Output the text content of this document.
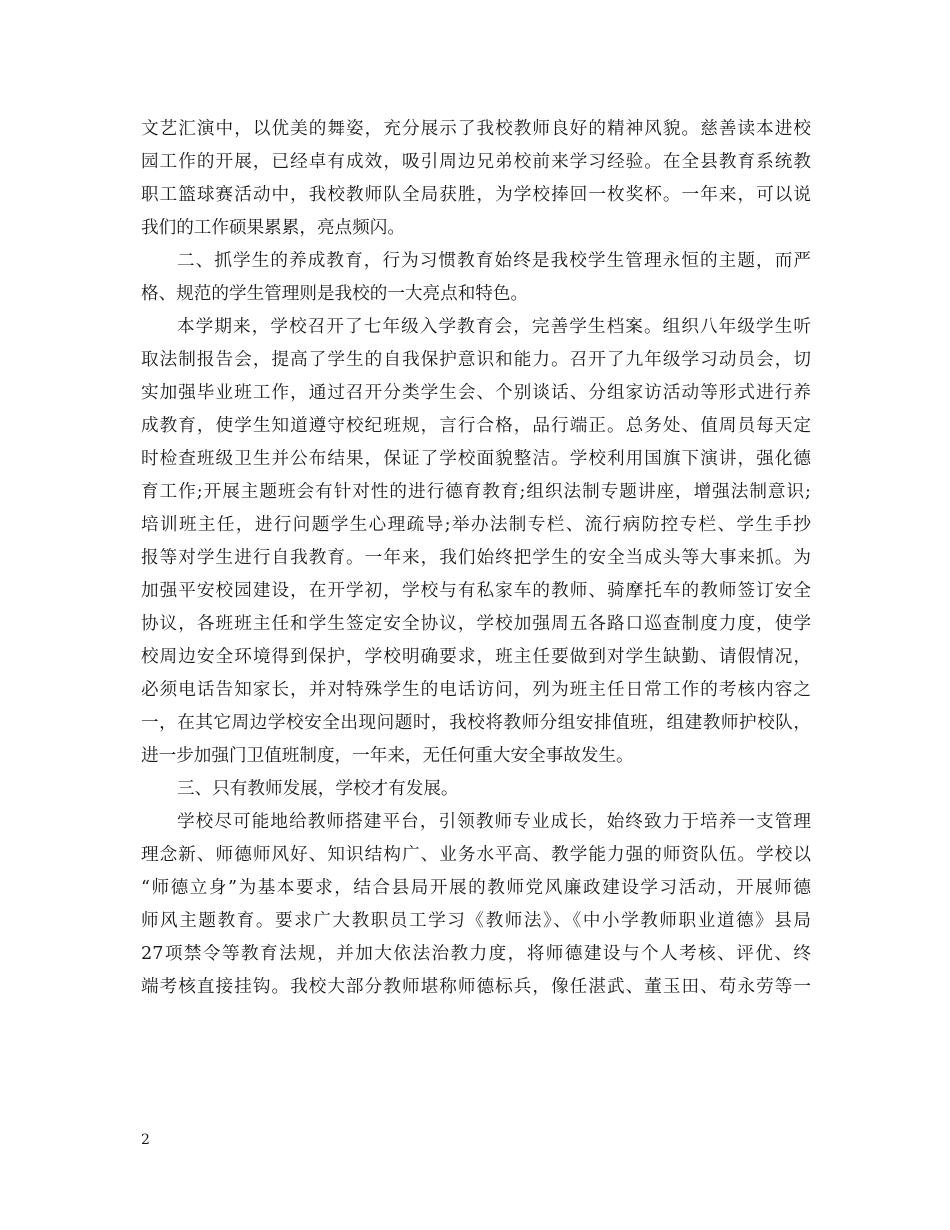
文艺汇演中，以优美的舞姿，充分展示了我校教师良好的精神风貌。慈善读本进校
园工作的开展，已经卓有成效，吸引周边兄弟校前来学习经验。在全县教育系统教
职工篮球赛活动中，我校教师队全局获胜，为学校捧回一枚奖杯。一年来，可以说
我们的工作硕果累累，亮点频闪。
二、抓学生的养成教育，行为习惯教育始终是我校学生管理永恒的主题，而严
格、规范的学生管理则是我校的一大亮点和特色。
本学期来，学校召开了七年级入学教育会，完善学生档案。组织八年级学生听
取法制报告会，提高了学生的自我保护意识和能力。召开了九年级学习动员会，切
实加强毕业班工作，通过召开分类学生会、个别谈话、分组家访活动等形式进行养
成教育，使学生知道遵守校纪班规，言行合格，品行端正。总务处、值周员每天定
时检查班级卫生并公布结果，保证了学校面貌整洁。学校利用国旗下演讲，强化德
育工作;开展主题班会有针对性的进行德育教育;组织法制专题讲座，增强法制意识;
培训班主任，进行问题学生心理疏导;举办法制专栏、流行病防控专栏、学生手抄
报等对学生进行自我教育。一年来，我们始终把学生的安全当成头等大事来抓。为
加强平安校园建设，在开学初，学校与有私家车的教师、骑摩托车的教师签订安全
协议，各班班主任和学生签定安全协议，学校加强周五各路口巡查制度力度，使学
校周边安全环境得到保护，学校明确要求，班主任要做到对学生缺勤、请假情况，
必须电话告知家长，并对特殊学生的电话访问，列为班主任日常工作的考核内容之
一，在其它周边学校安全出现问题时，我校将教师分组安排值班，组建教师护校队，
进一步加强门卫值班制度，一年来，无任何重大安全事故发生。
三、只有教师发展，学校才有发展。
学校尽可能地给教师搭建平台，引领教师专业成长，始终致力于培养一支管理
理念新、师德师风好、知识结构广、业务水平高、教学能力强的师资队伍。学校以
“师德立身”为基本要求，结合县局开展的教师党风廉政建设学习活动，开展师德
师风主题教育。要求广大教职员工学习《教师法》、《中小学教师职业道德》县局
27项禁令等教育法规，并加大依法治教力度，将师德建设与个人考核、评优、终
端考核直接挂钩。我校大部分教师堪称师德标兵，像任湛武、董玉田、苟永劳等一
2
